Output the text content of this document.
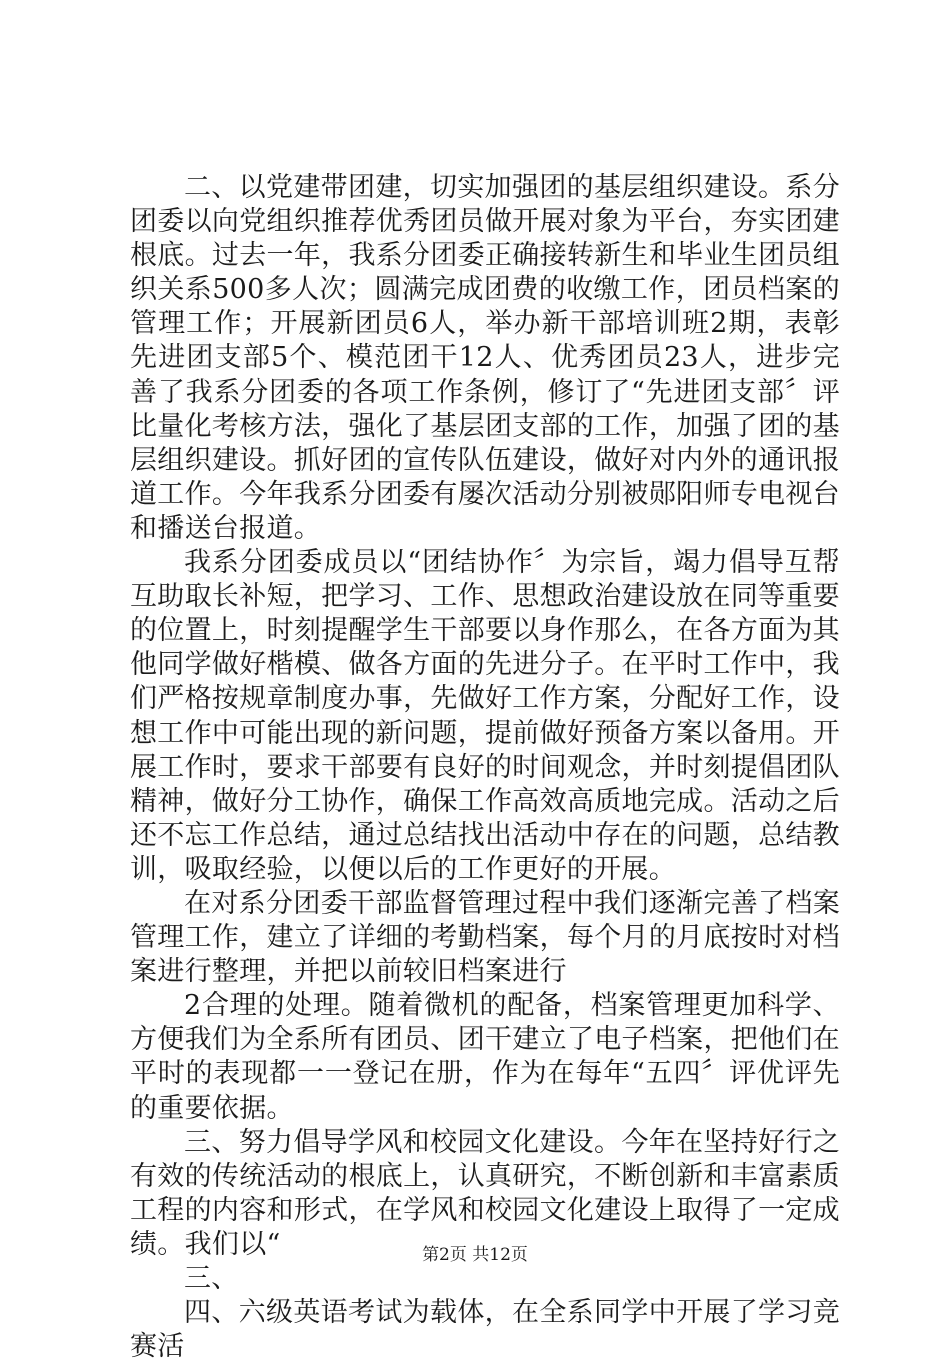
二、以党建带团建，切实加强团的基层组织建设。系分团委以向党组织推荐优秀团员做开展对象为平台，夯实团建根底。过去一年，我系分团委正确接转新生和毕业生团员组织关系500多人次；圆满完成团费的收缴工作，团员档案的管理工作；开展新团员6人，举办新干部培训班2期，表彰先进团支部5个、模范团干12人、优秀团员23人，进步完善了我系分团委的各项工作条例，修订了“先进团支部〞评比量化考核方法，强化了基层团支部的工作，加强了团的基层组织建设。抓好团的宣传队伍建设，做好对内外的通讯报道工作。今年我系分团委有屡次活动分别被郧阳师专电视台和播送台报道。

我系分团委成员以“团结协作〞为宗旨，竭力倡导互帮互助取长补短，把学习、工作、思想政治建设放在同等重要的位置上，时刻提醒学生干部要以身作那么，在各方面为其他同学做好楷模、做各方面的先进分子。在平时工作中，我们严格按规章制度办事，先做好工作方案，分配好工作，设想工作中可能出现的新问题，提前做好预备方案以备用。开展工作时，要求干部要有良好的时间观念，并时刻提倡团队精神，做好分工协作，确保工作高效高质地完成。活动之后还不忘工作总结，通过总结找出活动中存在的问题，总结教训，吸取经验，以便以后的工作更好的开展。

在对系分团委干部监督管理过程中我们逐渐完善了档案管理工作，建立了详细的考勤档案，每个月的月底按时对档案进行整理，并把以前较旧档案进行

2合理的处理。随着微机的配备，档案管理更加科学、方便我们为全系所有团员、团干建立了电子档案，把他们在平时的表现都一一登记在册，作为在每年“五四〞评优评先的重要依据。

三、努力倡导学风和校园文化建设。今年在坚持好行之有效的传统活动的根底上，认真研究，不断创新和丰富素质工程的内容和形式，在学风和校园文化建设上取得了一定成绩。我们以“

三、

四、六级英语考试为载体，在全系同学中开展了学习竞赛活

第2页 共12页
